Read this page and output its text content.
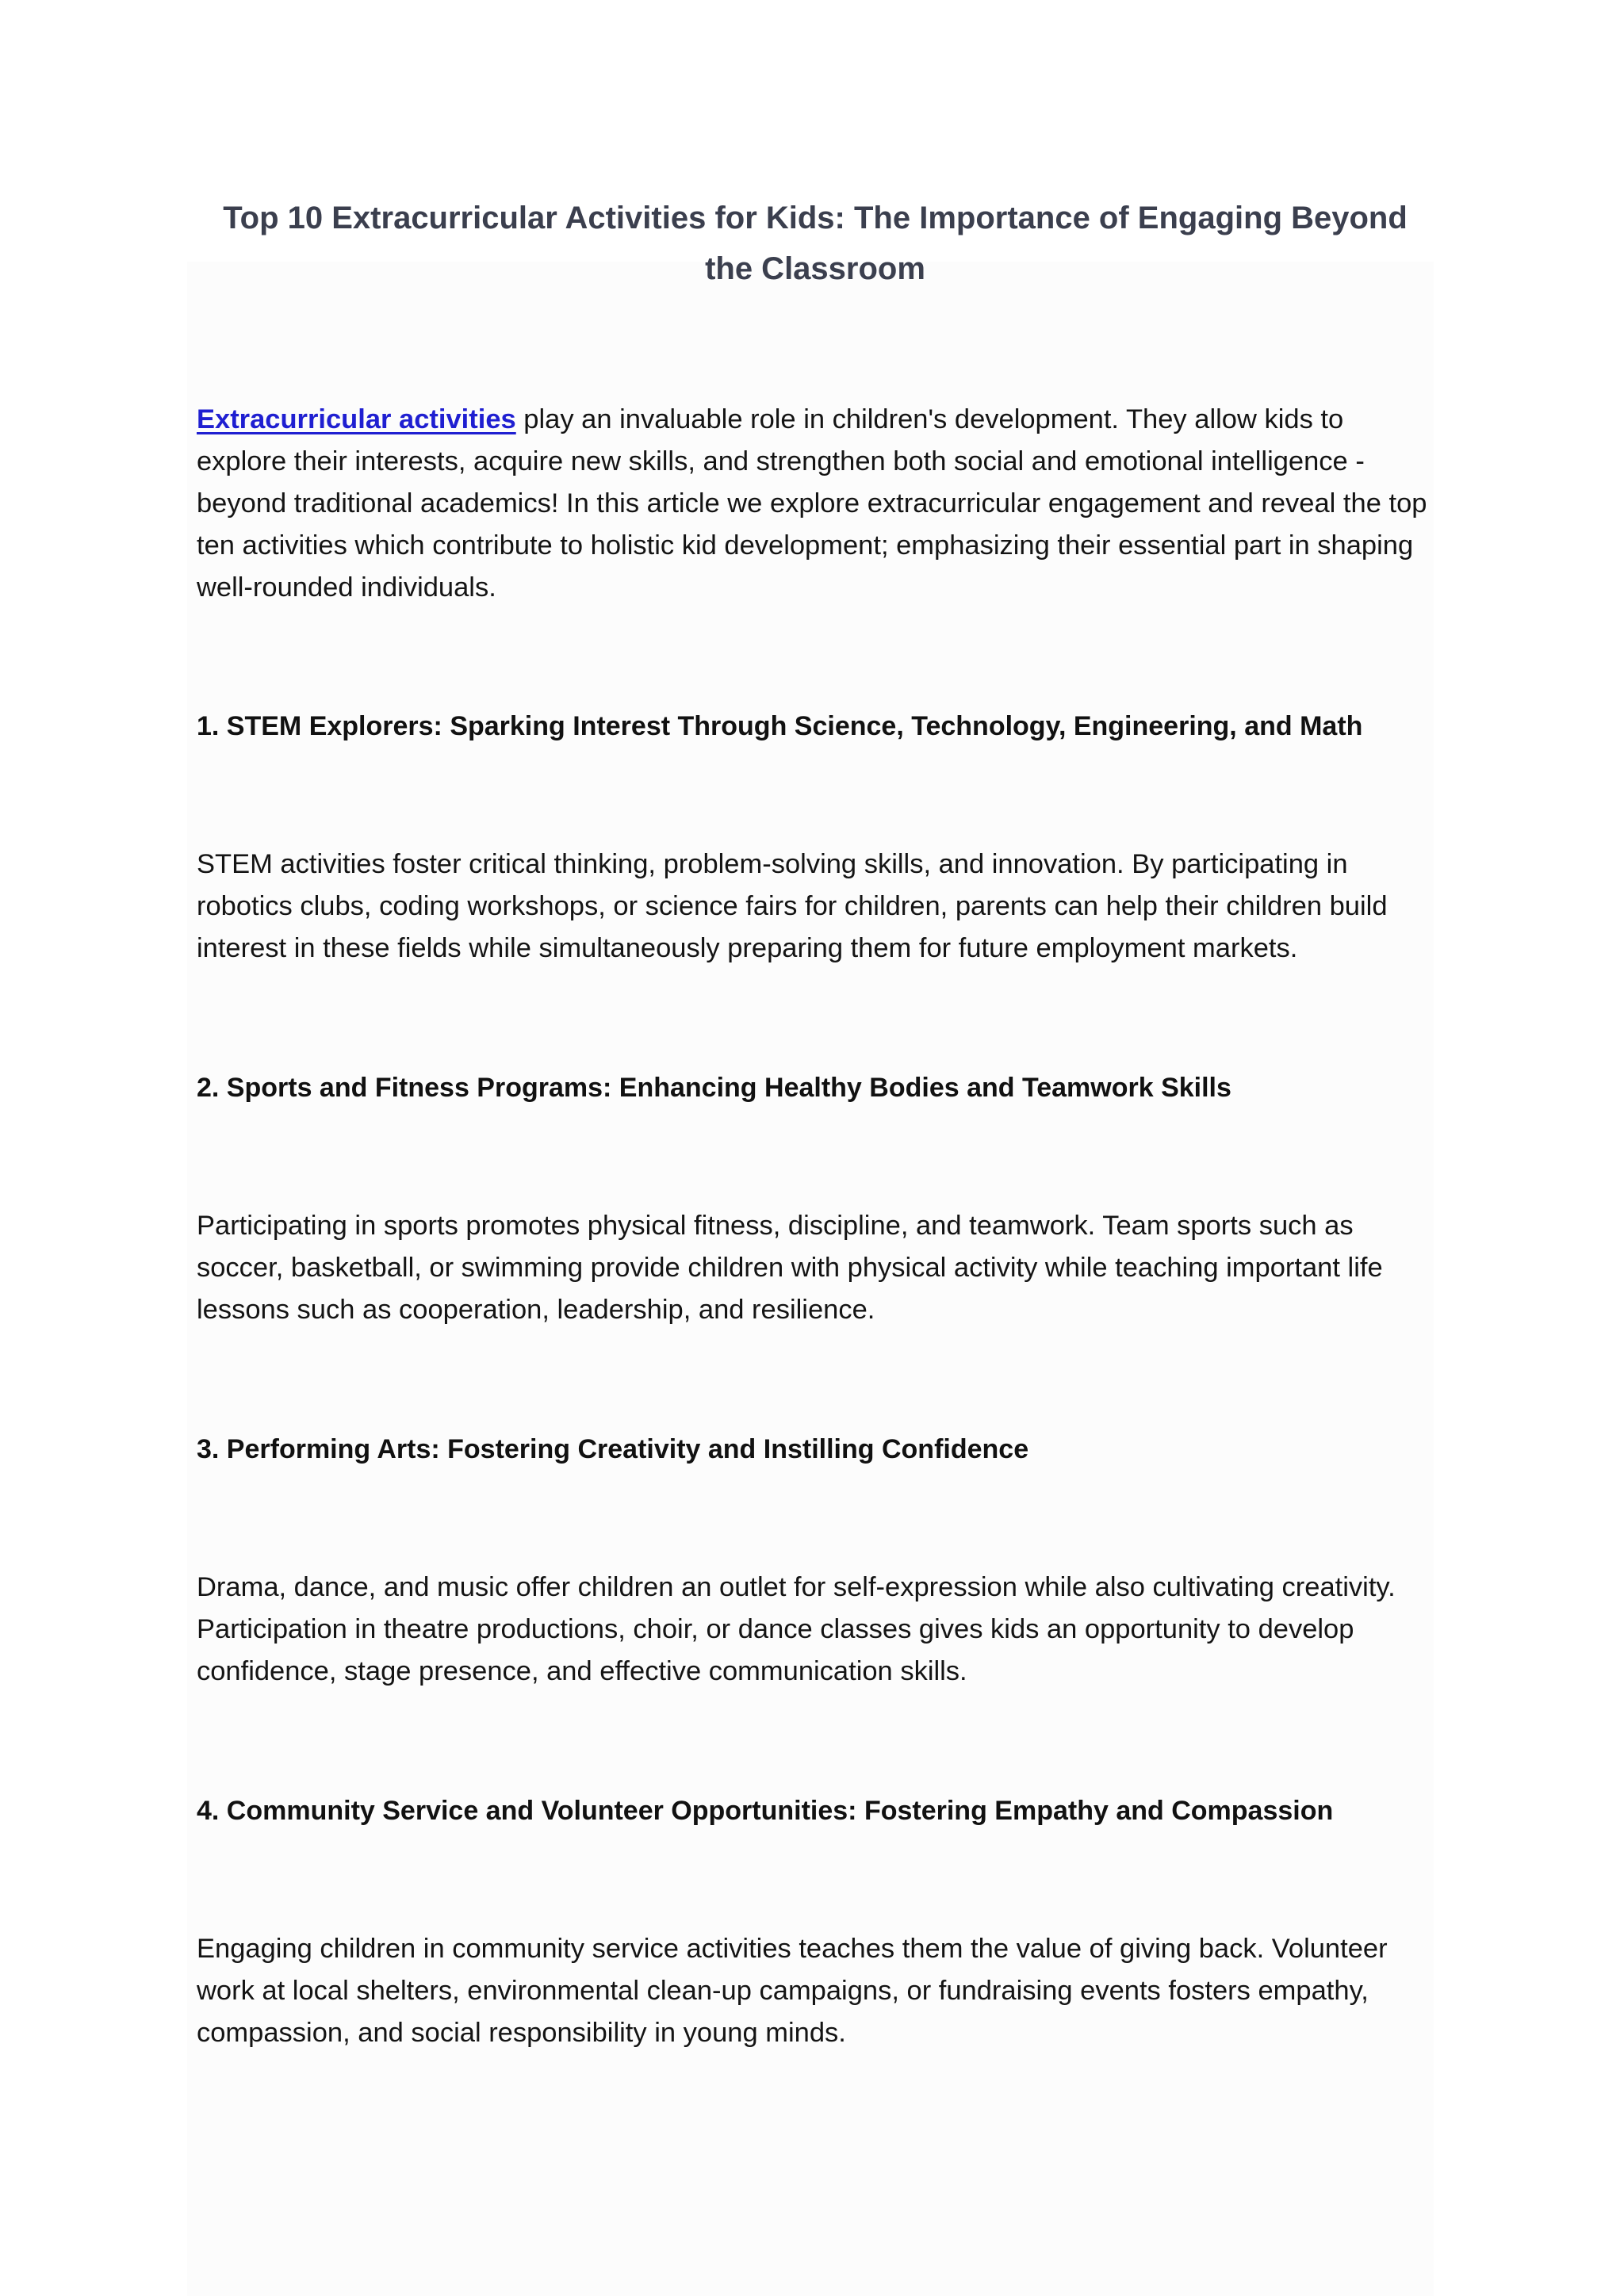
Top 10 Extracurricular Activities for Kids: The Importance of Engaging Beyond the Classroom

Extracurricular activities play an invaluable role in children's development. They allow kids to explore their interests, acquire new skills, and strengthen both social and emotional intelligence - beyond traditional academics! In this article we explore extracurricular engagement and reveal the top ten activities which contribute to holistic kid development; emphasizing their essential part in shaping well-rounded individuals.

1. STEM Explorers: Sparking Interest Through Science, Technology, Engineering, and Math

STEM activities foster critical thinking, problem-solving skills, and innovation. By participating in robotics clubs, coding workshops, or science fairs for children, parents can help their children build interest in these fields while simultaneously preparing them for future employment markets.

2. Sports and Fitness Programs: Enhancing Healthy Bodies and Teamwork Skills

Participating in sports promotes physical fitness, discipline, and teamwork. Team sports such as soccer, basketball, or swimming provide children with physical activity while teaching important life lessons such as cooperation, leadership, and resilience.

3. Performing Arts: Fostering Creativity and Instilling Confidence

Drama, dance, and music offer children an outlet for self-expression while also cultivating creativity. Participation in theatre productions, choir, or dance classes gives kids an opportunity to develop confidence, stage presence, and effective communication skills.

4. Community Service and Volunteer Opportunities: Fostering Empathy and Compassion

Engaging children in community service activities teaches them the value of giving back. Volunteer work at local shelters, environmental clean-up campaigns, or fundraising events fosters empathy, compassion, and social responsibility in young minds.
